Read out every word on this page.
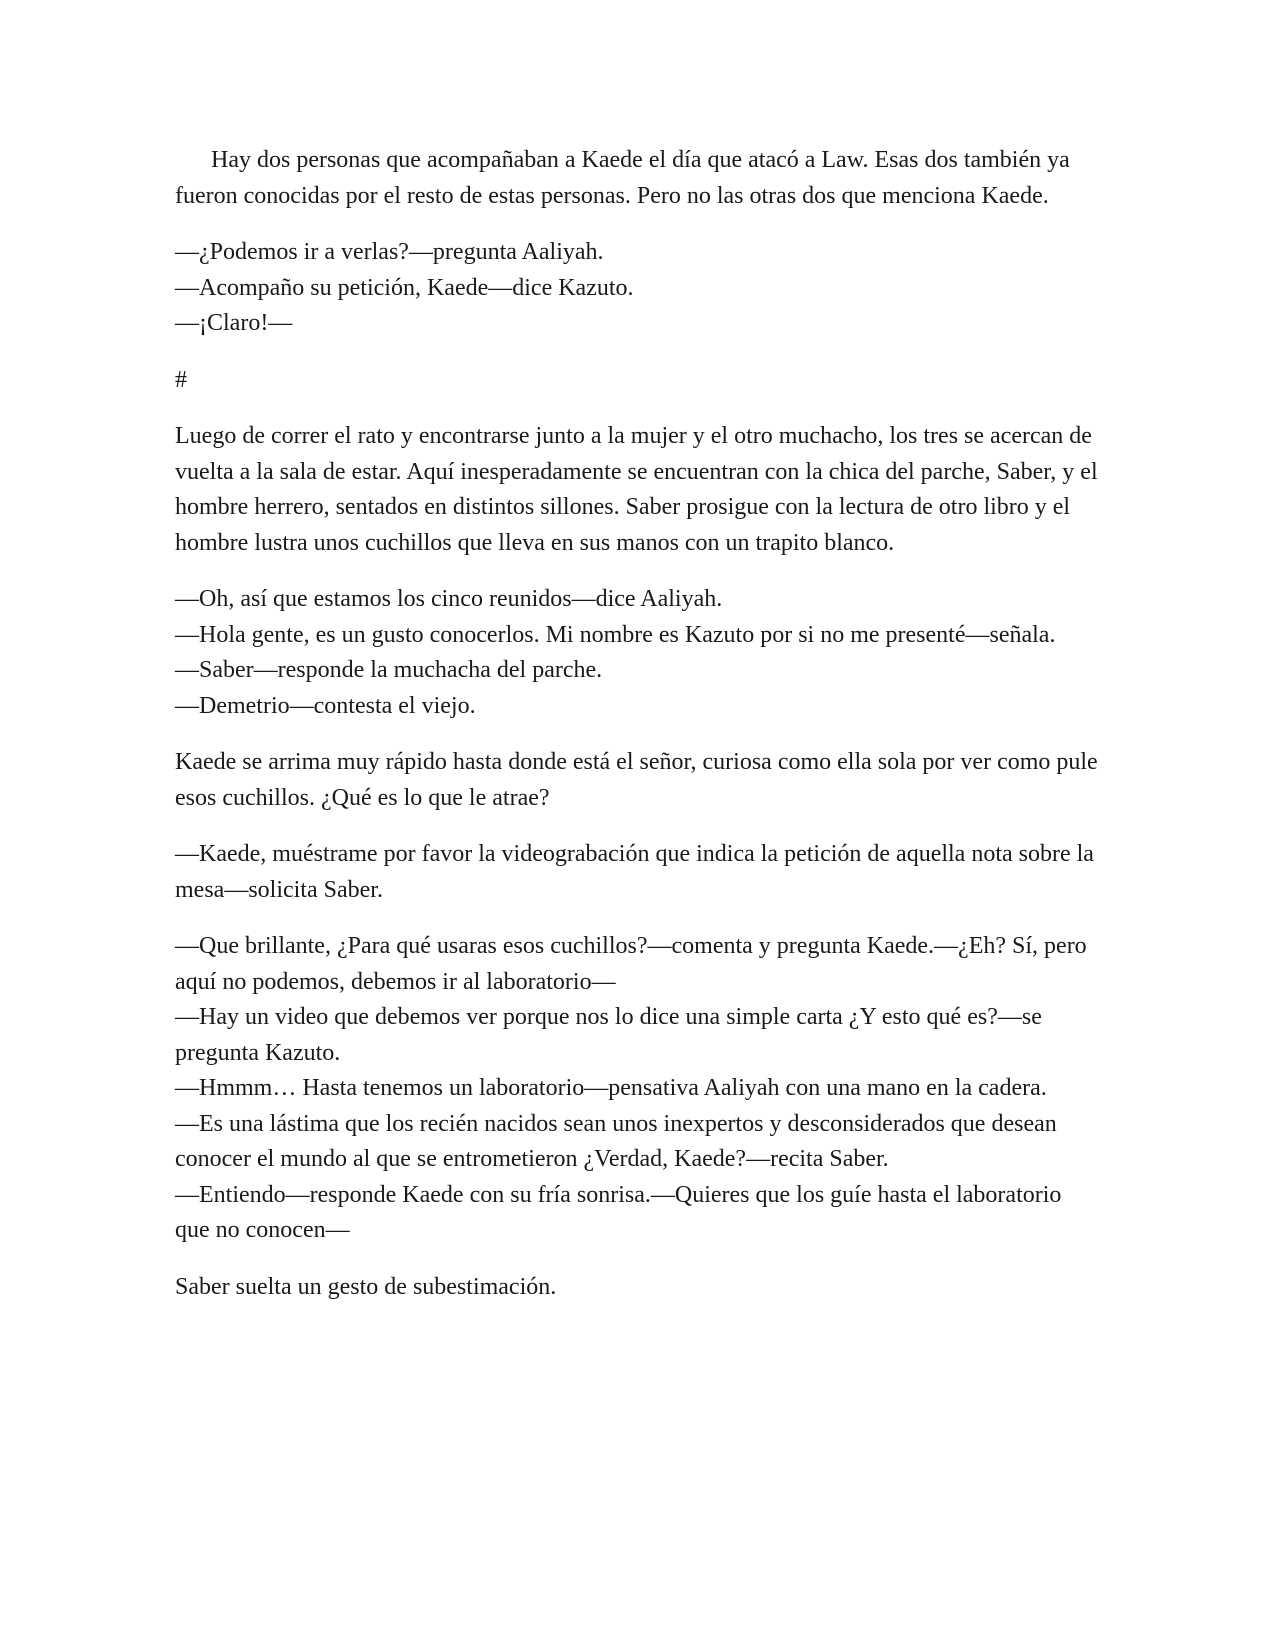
Hay dos personas que acompañaban a Kaede el día que atacó a Law. Esas dos también ya fueron conocidas por el resto de estas personas. Pero no las otras dos que menciona Kaede.

—¿Podemos ir a verlas?—pregunta Aaliyah.
—Acompaño su petición, Kaede—dice Kazuto.
—¡Claro!—

#

Luego de correr el rato y encontrarse junto a la mujer y el otro muchacho, los tres se acercan de vuelta a la sala de estar. Aquí inesperadamente se encuentran con la chica del parche, Saber, y el hombre herrero, sentados en distintos sillones. Saber prosigue con la lectura de otro libro y el hombre lustra unos cuchillos que lleva en sus manos con un trapito blanco.

—Oh, así que estamos los cinco reunidos—dice Aaliyah.
—Hola gente, es un gusto conocerlos. Mi nombre es Kazuto por si no me presenté—señala.
—Saber—responde la muchacha del parche.
—Demetrio—contesta el viejo.

Kaede se arrima muy rápido hasta donde está el señor, curiosa como ella sola por ver como pule esos cuchillos. ¿Qué es lo que le atrae?

—Kaede, muéstrame por favor la videograbación que indica la petición de aquella nota sobre la mesa—solicita Saber.

—Que brillante, ¿Para qué usaras esos cuchillos?—comenta y pregunta Kaede.—¿Eh? Sí, pero aquí no podemos, debemos ir al laboratorio—
—Hay un video que debemos ver porque nos lo dice una simple carta ¿Y esto qué es?—se pregunta Kazuto.
—Hmmm… Hasta tenemos un laboratorio—pensativa Aaliyah con una mano en la cadera.
—Es una lástima que los recién nacidos sean unos inexpertos y desconsiderados que desean conocer el mundo al que se entrometieron ¿Verdad, Kaede?—recita Saber.
—Entiendo—responde Kaede con su fría sonrisa.—Quieres que los guíe hasta el laboratorio que no conocen—

Saber suelta un gesto de subestimación.
